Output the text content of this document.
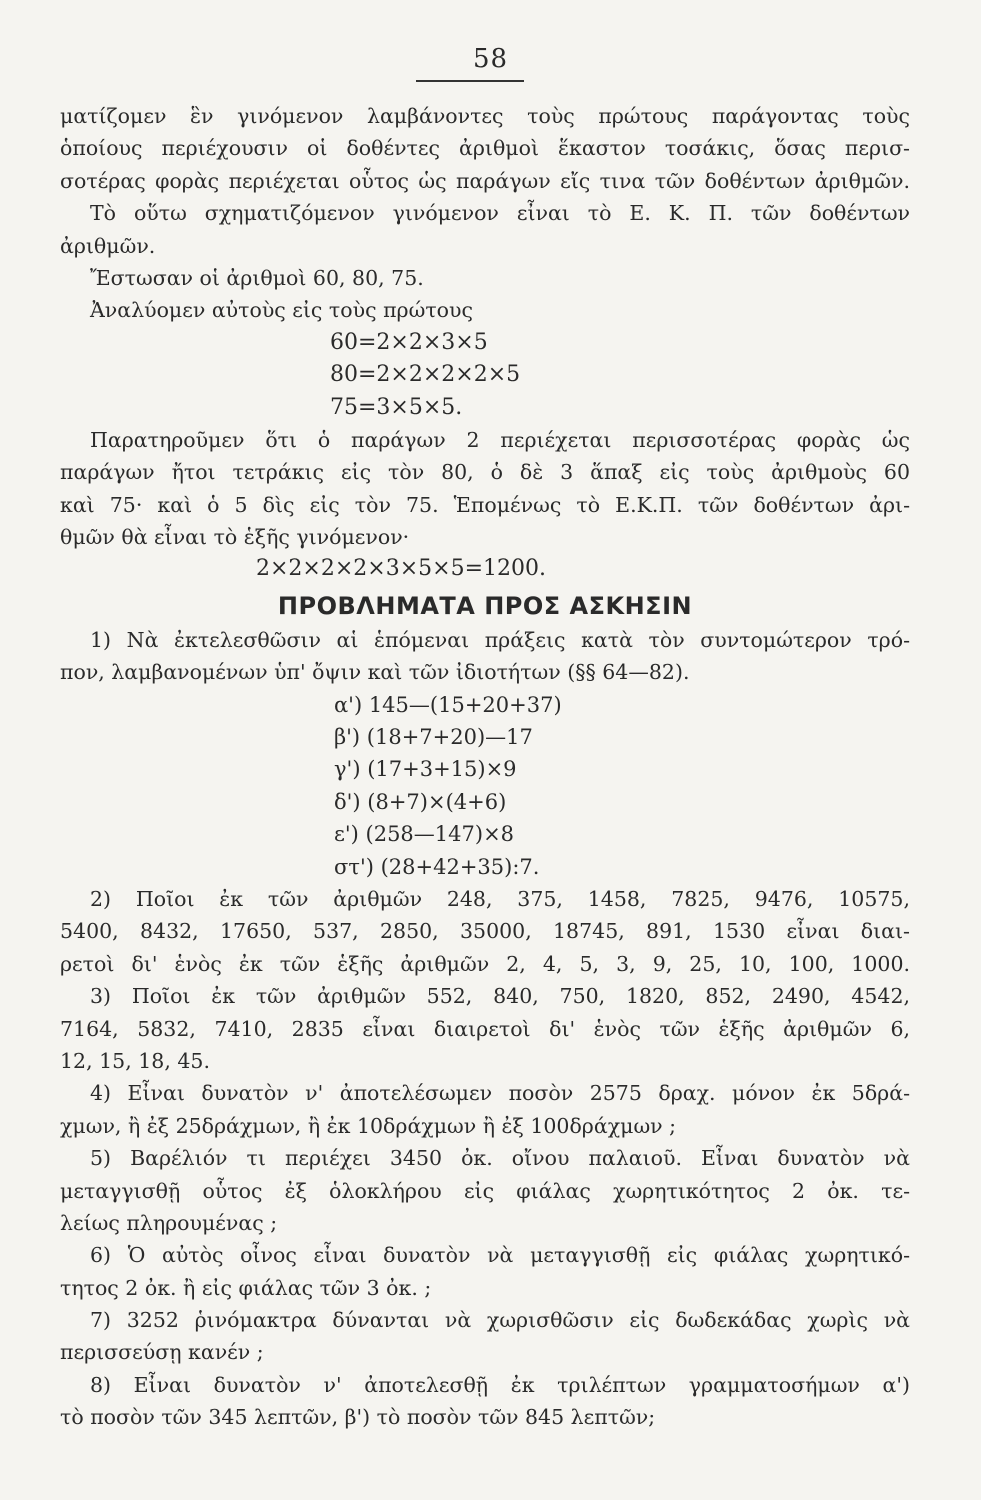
58
ματίζομεν ἓν γινόμενον λαμβάνοντες τοὺς πρώτους παράγοντας τοὺς
ὁποίους περιέχουσιν οἱ δοθέντες ἀριθμοὶ ἕκαστον τοσάκις, ὅσας περισ-
σοτέρας φορὰς περιέχεται οὗτος ὡς παράγων εἴς τινα τῶν δοθέντων ἀριθμῶν.
Τὸ οὕτω σχηματιζόμενον γινόμενον εἶναι τὸ Ε. Κ. Π. τῶν δοθέντων
ἀριθμῶν.
Ἔστωσαν οἱ ἀριθμοὶ 60, 80, 75.
Ἀναλύομεν αὐτοὺς εἰς τοὺς πρώτους
60=2×2×3×5
80=2×2×2×2×5
75=3×5×5.
Παρατηροῦμεν ὅτι ὁ παράγων 2 περιέχεται περισσοτέρας φορὰς ὡς
παράγων ἤτοι τετράκις εἰς τὸν 80, ὁ δὲ 3 ἅπαξ εἰς τοὺς ἀριθμοὺς 60
καὶ 75· καὶ ὁ 5 δὶς εἰς τὸν 75. Ἑπομένως τὸ Ε.Κ.Π. τῶν δοθέντων ἀρι-
θμῶν θὰ εἶναι τὸ ἑξῆς γινόμενον·
2×2×2×2×3×5×5=1200.
ΠΡΟΒΛΗΜΑΤΑ ΠΡΟΣ ΑΣΚΗΣΙΝ
1) Νὰ ἐκτελεσθῶσιν αἱ ἑπόμεναι πράξεις κατὰ τὸν συντομώτερον τρό-
πον, λαμβανομένων ὑπ' ὄψιν καὶ τῶν ἰδιοτήτων (§§ 64—82).
α') 145—(15+20+37)
β') (18+7+20)—17
γ') (17+3+15)×9
δ') (8+7)×(4+6)
ε') (258—147)×8
στ') (28+42+35):7.
2) Ποῖοι ἐκ τῶν ἀριθμῶν 248, 375, 1458, 7825, 9476, 10575,
5400, 8432, 17650, 537, 2850, 35000, 18745, 891, 1530 εἶναι διαι-
ρετοὶ δι' ἑνὸς ἐκ τῶν ἑξῆς ἀριθμῶν 2, 4, 5, 3, 9, 25, 10, 100, 1000.
3) Ποῖοι ἐκ τῶν ἀριθμῶν 552, 840, 750, 1820, 852, 2490, 4542,
7164, 5832, 7410, 2835 εἶναι διαιρετοὶ δι' ἑνὸς τῶν ἑξῆς ἀριθμῶν 6,
12, 15, 18, 45.
4) Εἶναι δυνατὸν ν' ἀποτελέσωμεν ποσὸν 2575 δραχ. μόνον ἐκ 5δρά-
χμων, ἢ ἐξ 25δράχμων, ἢ ἐκ 10δράχμων ἢ ἐξ 100δράχμων ;
5) Βαρέλιόν τι περιέχει 3450 ὀκ. οἴνου παλαιοῦ. Εἶναι δυνατὸν νὰ
μεταγγισθῇ οὗτος ἐξ ὁλοκλήρου εἰς φιάλας χωρητικότητος 2 ὀκ. τε-
λείως πληρουμένας ;
6) Ὁ αὐτὸς οἶνος εἶναι δυνατὸν νὰ μεταγγισθῇ εἰς φιάλας χωρητικό-
τητος 2 ὀκ. ἢ εἰς φιάλας τῶν 3 ὀκ. ;
7) 3252 ῥινόμακτρα δύνανται νὰ χωρισθῶσιν εἰς δωδεκάδας χωρὶς νὰ
περισσεύσῃ κανέν ;
8) Εἶναι δυνατὸν ν' ἀποτελεσθῇ ἐκ τριλέπτων γραμματοσήμων α')
τὸ ποσὸν τῶν 345 λεπτῶν, β') τὸ ποσὸν τῶν 845 λεπτῶν;
